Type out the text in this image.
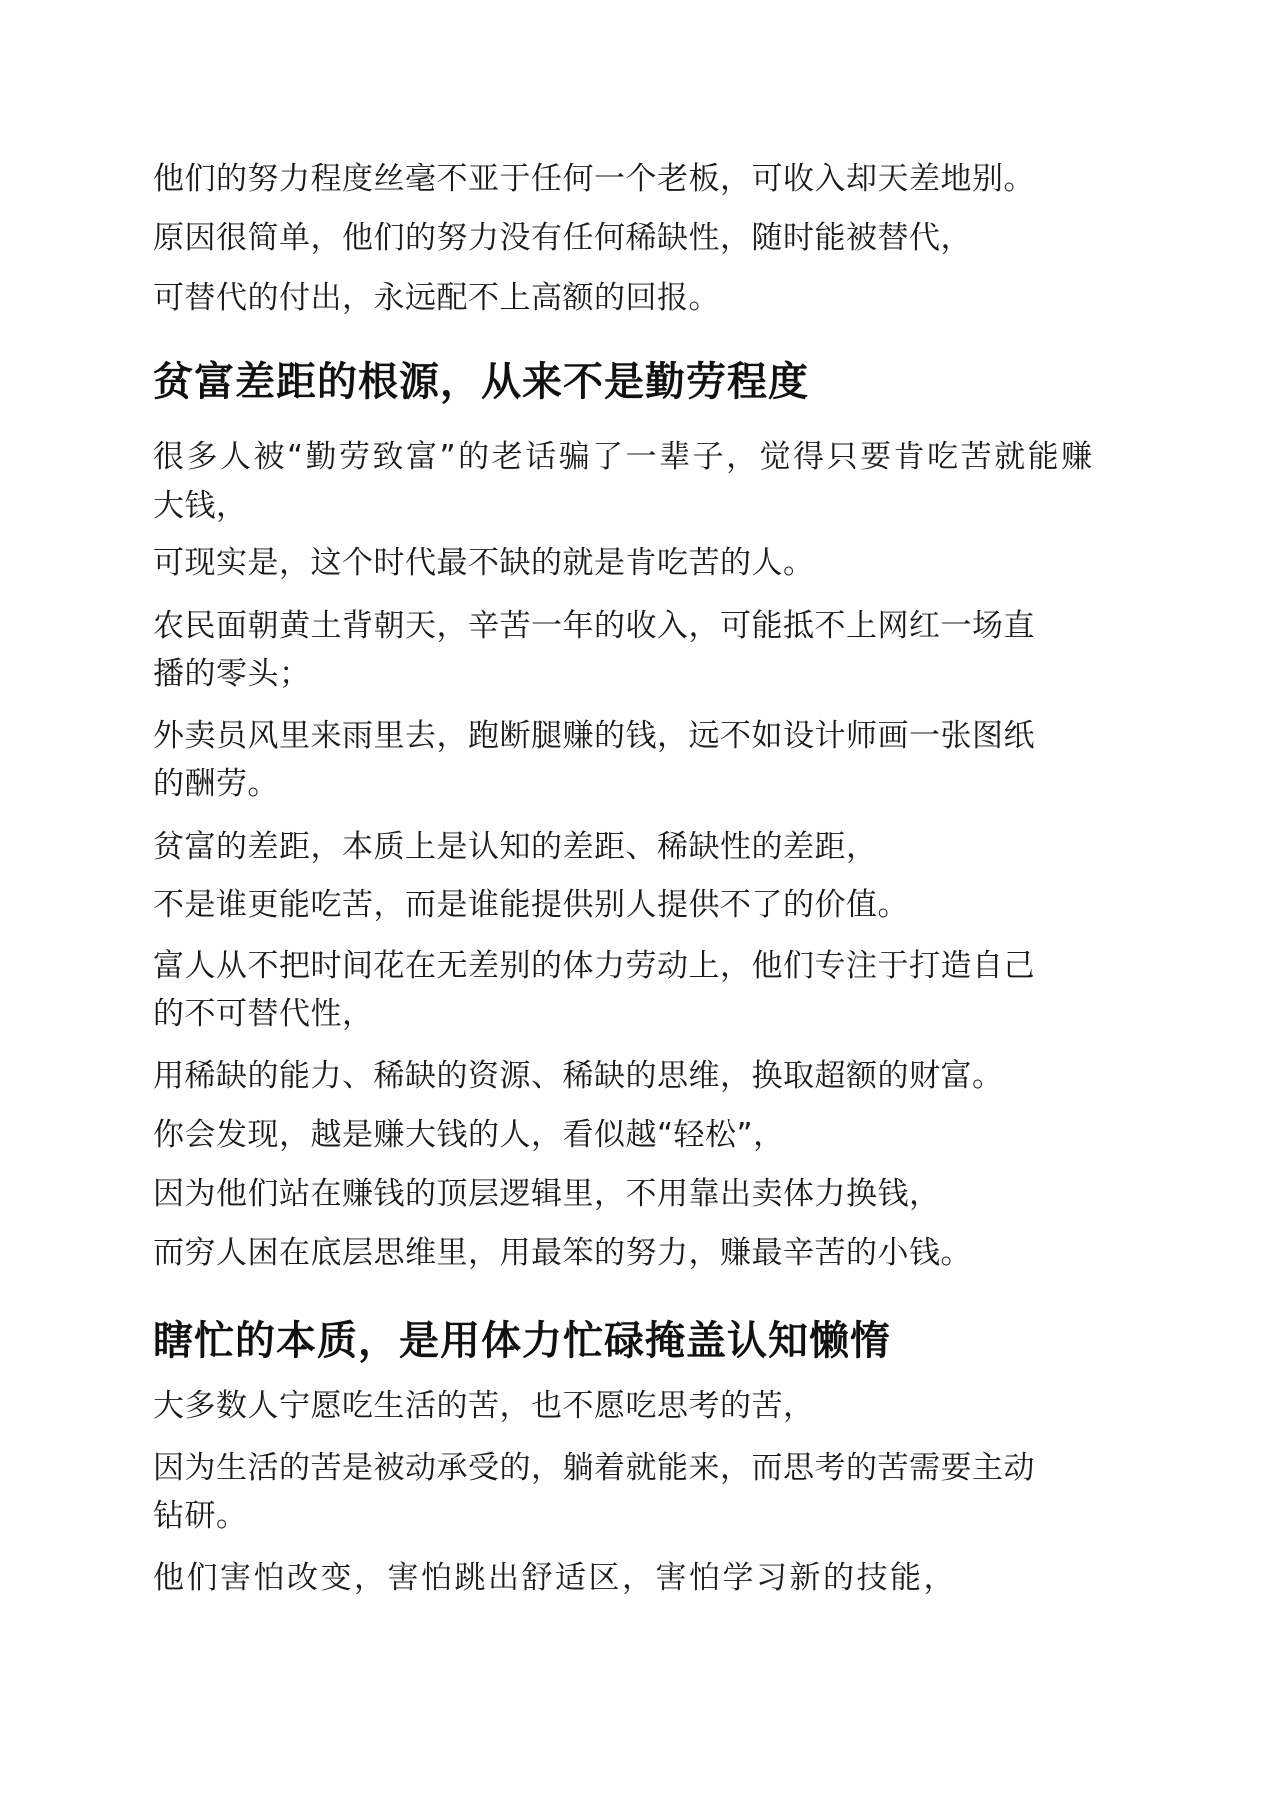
他们的努力程度丝毫不亚于任何一个老板，可收入却天差地别。

原因很简单，他们的努力没有任何稀缺性，随时能被替代，

可替代的付出，永远配不上高额的回报。

贫富差距的根源，从来不是勤劳程度

很多人被“勤劳致富”的老话骗了一辈子，觉得只要肯吃苦就能赚

大钱，

可现实是，这个时代最不缺的就是肯吃苦的人。

农民面朝黄土背朝天，辛苦一年的收入，可能抵不上网红一场直

播的零头；

外卖员风里来雨里去，跑断腿赚的钱，远不如设计师画一张图纸

的酬劳。

贫富的差距，本质上是认知的差距、稀缺性的差距，

不是谁更能吃苦，而是谁能提供别人提供不了的价值。

富人从不把时间花在无差别的体力劳动上，他们专注于打造自己

的不可替代性，

用稀缺的能力、稀缺的资源、稀缺的思维，换取超额的财富。

你会发现，越是赚大钱的人，看似越“轻松”，

因为他们站在赚钱的顶层逻辑里，不用靠出卖体力换钱，

而穷人困在底层思维里，用最笨的努力，赚最辛苦的小钱。

瞎忙的本质，是用体力忙碌掩盖认知懒惰

大多数人宁愿吃生活的苦，也不愿吃思考的苦，

因为生活的苦是被动承受的，躺着就能来，而思考的苦需要主动

钻研。

他们害怕改变，害怕跳出舒适区，害怕学习新的技能，
